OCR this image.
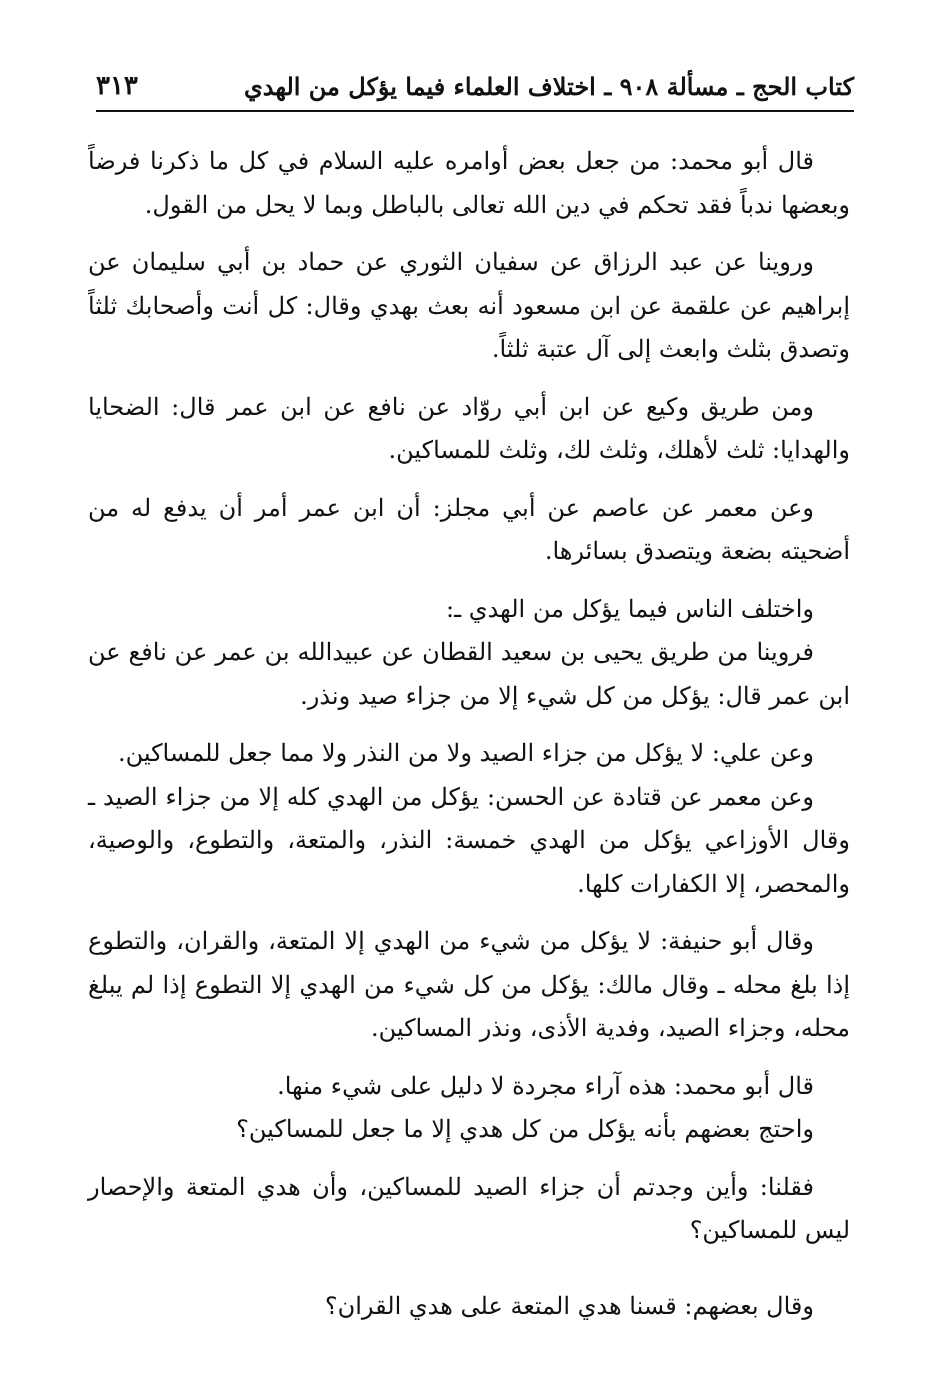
كتاب الحج ـ مسألة ٩٠٨ ـ اختلاف العلماء فيما يؤكل من الهدي
٣١٣

قال أبو محمد: من جعل بعض أوامره عليه السلام في كل ما ذكرنا فرضاً وبعضها ندباً فقد تحكم في دين الله تعالى بالباطل وبما لا يحل من القول.

وروينا عن عبد الرزاق عن سفيان الثوري عن حماد بن أبي سليمان عن إبراهيم عن علقمة عن ابن مسعود أنه بعث بهدي وقال: كل أنت وأصحابك ثلثاً وتصدق بثلث وابعث إلى آل عتبة ثلثاً.

ومن طريق وكيع عن ابن أبي روّاد عن نافع عن ابن عمر قال: الضحايا والهدايا: ثلث لأهلك، وثلث لك، وثلث للمساكين.

وعن معمر عن عاصم عن أبي مجلز: أن ابن عمر أمر أن يدفع له من أضحيته بضعة ويتصدق بسائرها.

واختلف الناس فيما يؤكل من الهدي ـ:

فروينا من طريق يحيى بن سعيد القطان عن عبيدالله بن عمر عن نافع عن ابن عمر قال: يؤكل من كل شيء إلا من جزاء صيد ونذر.

وعن علي: لا يؤكل من جزاء الصيد ولا من النذر ولا مما جعل للمساكين.

وعن معمر عن قتادة عن الحسن: يؤكل من الهدي كله إلا من جزاء الصيد ـ وقال الأوزاعي يؤكل من الهدي خمسة: النذر، والمتعة، والتطوع، والوصية، والمحصر، إلا الكفارات كلها.

وقال أبو حنيفة: لا يؤكل من شيء من الهدي إلا المتعة، والقران، والتطوع إذا بلغ محله ـ وقال مالك: يؤكل من كل شيء من الهدي إلا التطوع إذا لم يبلغ محله، وجزاء الصيد، وفدية الأذى، ونذر المساكين.

قال أبو محمد: هذه آراء مجردة لا دليل على شيء منها.
واحتج بعضهم بأنه يؤكل من كل هدي إلا ما جعل للمساكين؟

فقلنا: وأين وجدتم أن جزاء الصيد للمساكين، وأن هدي المتعة والإحصار ليس للمساكين؟

وقال بعضهم: قسنا هدي المتعة على هدي القران؟
